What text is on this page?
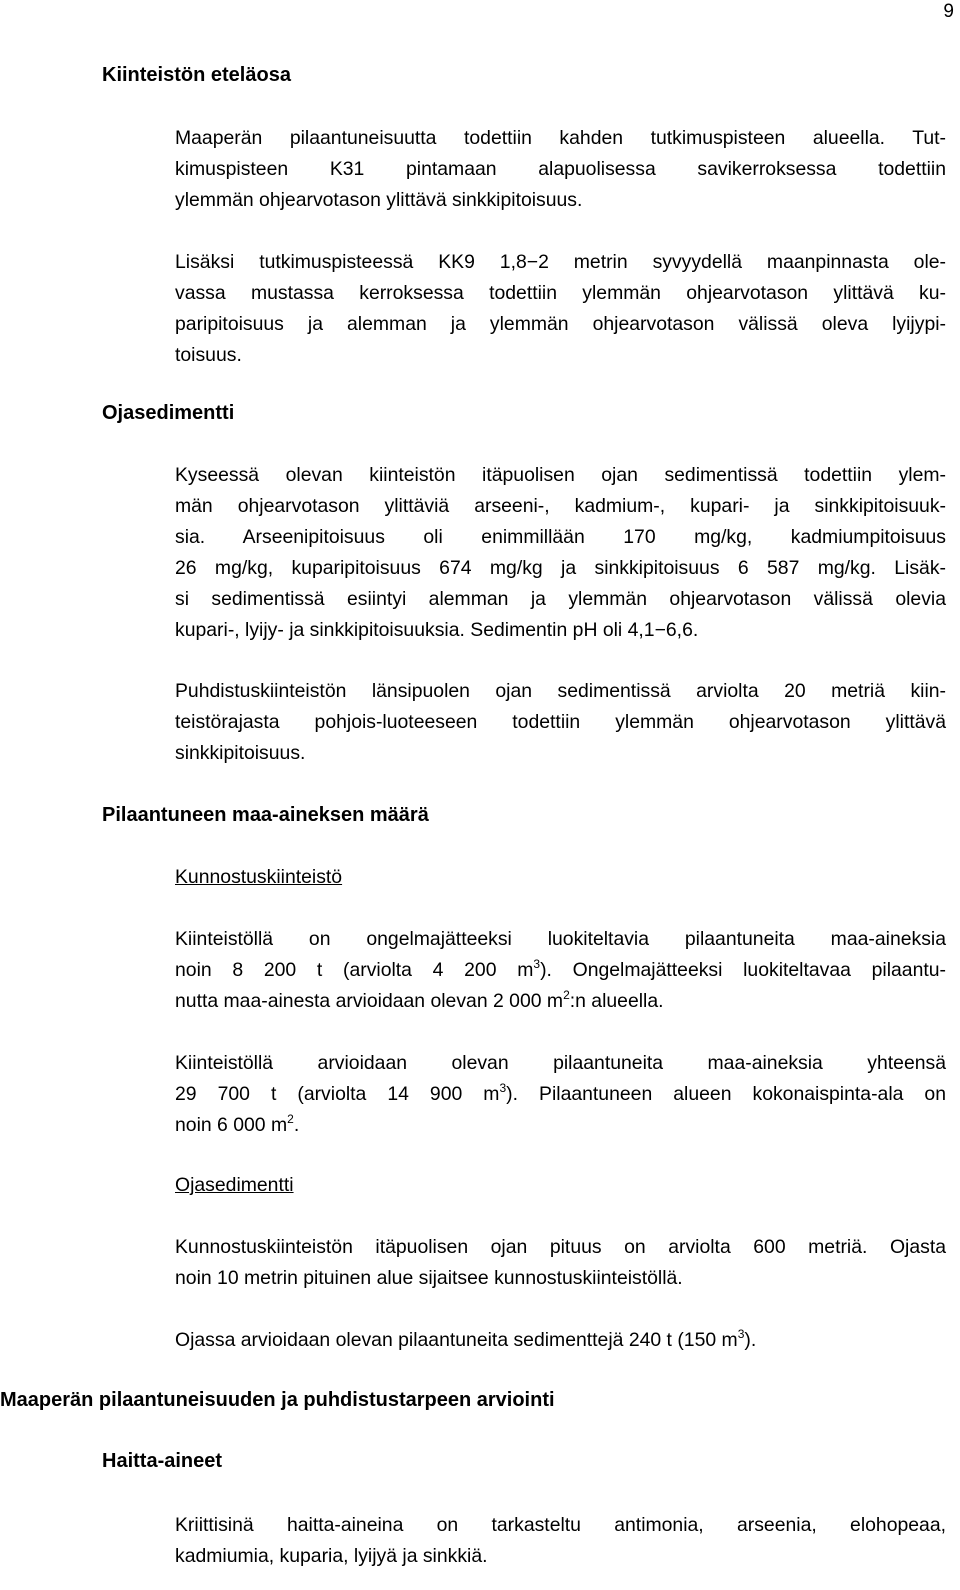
9
Kiinteistön eteläosa
Maaperän pilaantuneisuutta todettiin kahden tutkimuspisteen alueella. Tut-
kimuspisteen K31 pintamaan alapuolisessa savikerroksessa todettiin
ylemmän ohjearvotason ylittävä sinkkipitoisuus.
Lisäksi tutkimuspisteessä KK9 1,8−2 metrin syvyydellä maanpinnasta ole-
vassa mustassa kerroksessa todettiin ylemmän ohjearvotason ylittävä ku-
paripitoisuus ja alemman ja ylemmän ohjearvotason välissä oleva lyijypi-
toisuus.
Ojasedimentti
Kyseessä olevan kiinteistön itäpuolisen ojan sedimentissä todettiin ylem-
män ohjearvotason ylittäviä arseeni-, kadmium-, kupari- ja sinkkipitoisuuk-
sia. Arseenipitoisuus oli enimmillään 170 mg/kg, kadmiumpitoisuus
26 mg/kg, kuparipitoisuus 674 mg/kg ja sinkkipitoisuus 6 587 mg/kg. Lisäk-
si sedimentissä esiintyi alemman ja ylemmän ohjearvotason välissä olevia
kupari-, lyijy- ja sinkkipitoisuuksia. Sedimentin pH oli 4,1−6,6.
Puhdistuskiinteistön länsipuolen ojan sedimentissä arviolta 20 metriä kiin-
teistörajasta pohjois-luoteeseen todettiin ylemmän ohjearvotason ylittävä
sinkkipitoisuus.
Pilaantuneen maa-aineksen määrä
Kunnostuskiinteistö
Kiinteistöllä on ongelmajätteeksi luokiteltavia pilaantuneita maa-aineksia
noin 8 200 t (arviolta 4 200 $m^3$). Ongelmajätteeksi luokiteltavaa pilaantu-
nutta maa-ainesta arvioidaan olevan 2 000 $m^2:n$ alueella.
Kiinteistöllä arvioidaan olevan pilaantuneita maa-aineksia yhteensä
29 700 t (arviolta 14 900 $m^3$). Pilaantuneen alueen kokonaispinta-ala on
noin 6 000 $m^2$.
Ojasedimentti
Kunnostuskiinteistön itäpuolisen ojan pituus on arviolta 600 metriä. Ojasta
noin 10 metrin pituinen alue sijaitsee kunnostuskiinteistöllä.
Ojassa arvioidaan olevan pilaantuneita sedimenttejä 240 t (150 $m^3$).
Maaperän pilaantuneisuuden ja puhdistustarpeen arviointi
Haitta-aineet
Kriittisinä haitta-aineina on tarkasteltu antimonia, arseenia, elohopeaa,
kadmiumia, kuparia, lyijyä ja sinkkiä.
